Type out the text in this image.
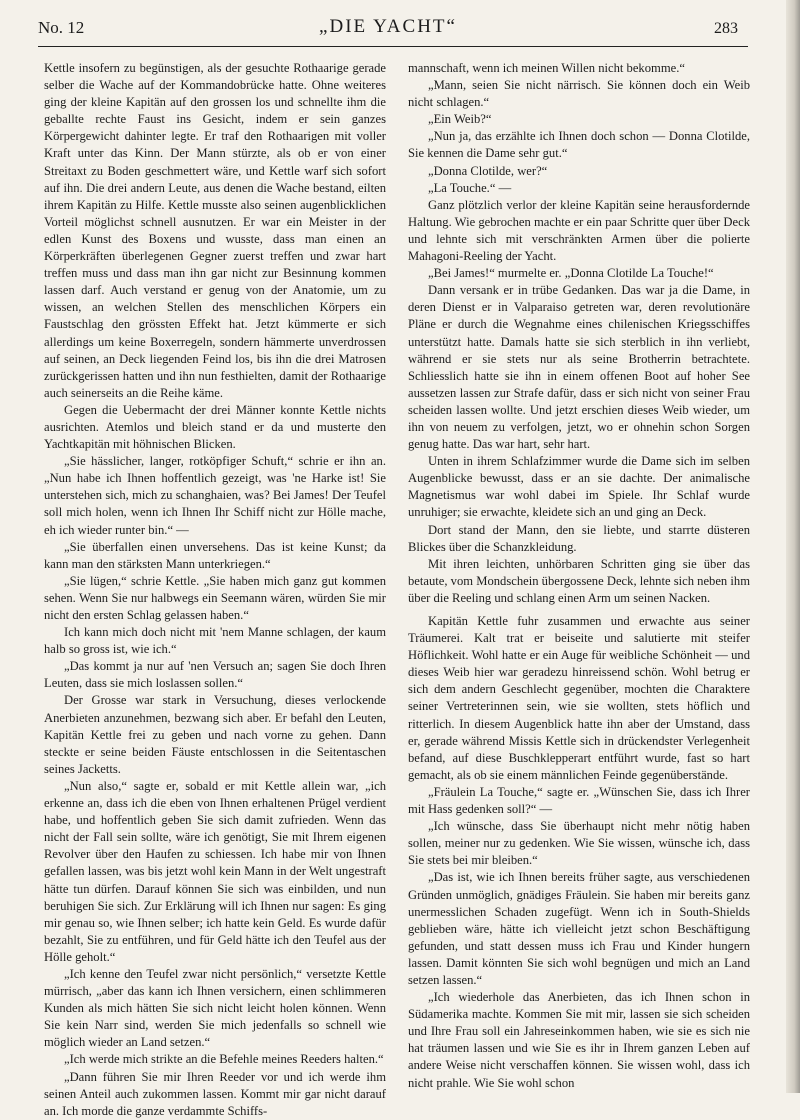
No. 12	„DIE YACHT“	283

Kettle insofern zu begünstigen, als der gesuchte Rothaarige gerade selber die Wache auf der Kommandobrücke hatte. Ohne weiteres ging der kleine Kapitän auf den grossen los und schnellte ihm die geballte rechte Faust ins Gesicht, indem er sein ganzes Körpergewicht dahinter legte. Er traf den Rothaarigen mit voller Kraft unter das Kinn. Der Mann stürzte, als ob er von einer Streitaxt zu Boden geschmettert wäre, und Kettle warf sich sofort auf ihn. Die drei andern Leute, aus denen die Wache bestand, eilten ihrem Kapitän zu Hilfe. Kettle musste also seinen augenblicklichen Vorteil möglichst schnell ausnutzen. Er war ein Meister in der edlen Kunst des Boxens und wusste, dass man einen an Körperkräften überlegenen Gegner zuerst treffen und zwar hart treffen muss und dass man ihn gar nicht zur Besinnung kommen lassen darf. Auch verstand er genug von der Anatomie, um zu wissen, an welchen Stellen des menschlichen Körpers ein Faustschlag den grössten Effekt hat. Jetzt kümmerte er sich allerdings um keine Boxerregeln, sondern hämmerte unverdrossen auf seinen, an Deck liegenden Feind los, bis ihn die drei Matrosen zurückgerissen hatten und ihn nun festhielten, damit der Rothaarige auch seinerseits an die Reihe käme.

Gegen die Uebermacht der drei Männer konnte Kettle nichts ausrichten. Atemlos und bleich stand er da und musterte den Yachtkapitän mit höhnischen Blicken.

„Sie hässlicher, langer, rotköpfiger Schuft,“ schrie er ihn an. „Nun habe ich Ihnen hoffentlich gezeigt, was 'ne Harke ist! Sie unterstehen sich, mich zu schanghaien, was? Bei James! Der Teufel soll mich holen, wenn ich Ihnen Ihr Schiff nicht zur Hölle mache, eh ich wieder runter bin.“ —

„Sie überfallen einen unversehens. Das ist keine Kunst; da kann man den stärksten Mann unterkriegen.“

„Sie lügen,“ schrie Kettle. „Sie haben mich ganz gut kommen sehen. Wenn Sie nur halbwegs ein Seemann wären, würden Sie mir nicht den ersten Schlag gelassen haben.“

Ich kann mich doch nicht mit 'nem Manne schlagen, der kaum halb so gross ist, wie ich.“

„Das kommt ja nur auf 'nen Versuch an; sagen Sie doch Ihren Leuten, dass sie mich loslassen sollen.“

Der Grosse war stark in Versuchung, dieses verlockende Anerbieten anzunehmen, bezwang sich aber. Er befahl den Leuten, Kapitän Kettle frei zu geben und nach vorne zu gehen. Dann steckte er seine beiden Fäuste entschlossen in die Seitentaschen seines Jacketts.

„Nun also,“ sagte er, sobald er mit Kettle allein war, „ich erkenne an, dass ich die eben von Ihnen erhaltenen Prügel verdient habe, und hoffentlich geben Sie sich damit zufrieden. Wenn das nicht der Fall sein sollte, wäre ich genötigt, Sie mit Ihrem eigenen Revolver über den Haufen zu schiessen. Ich habe mir von Ihnen gefallen lassen, was bis jetzt wohl kein Mann in der Welt ungestraft hätte tun dürfen. Darauf können Sie sich was einbilden, und nun beruhigen Sie sich. Zur Erklärung will ich Ihnen nur sagen: Es ging mir genau so, wie Ihnen selber; ich hatte kein Geld. Es wurde dafür bezahlt, Sie zu entführen, und für Geld hätte ich den Teufel aus der Hölle geholt.“

„Ich kenne den Teufel zwar nicht persönlich,“ versetzte Kettle mürrisch, „aber das kann ich Ihnen versichern, einen schlimmeren Kunden als mich hätten Sie sich nicht leicht holen können. Wenn Sie kein Narr sind, werden Sie mich jedenfalls so schnell wie möglich wieder an Land setzen.“

„Ich werde mich strikte an die Befehle meines Reeders halten.“

„Dann führen Sie mir Ihren Reeder vor und ich werde ihm seinen Anteil auch zukommen lassen. Kommt mir gar nicht darauf an. Ich morde die ganze verdammte Schiffs-

mannschaft, wenn ich meinen Willen nicht bekomme.“

„Mann, seien Sie nicht närrisch. Sie können doch ein Weib nicht schlagen.“

„Ein Weib?“

„Nun ja, das erzählte ich Ihnen doch schon — Donna Clotilde, Sie kennen die Dame sehr gut.“

„Donna Clotilde, wer?“

„La Touche.“ —

Ganz plötzlich verlor der kleine Kapitän seine herausfordernde Haltung. Wie gebrochen machte er ein paar Schritte quer über Deck und lehnte sich mit verschränkten Armen über die polierte Mahagoni-Reeling der Yacht.

„Bei James!“ murmelte er. „Donna Clotilde La Touche!“

Dann versank er in trübe Gedanken. Das war ja die Dame, in deren Dienst er in Valparaiso getreten war, deren revolutionäre Pläne er durch die Wegnahme eines chilenischen Kriegsschiffes unterstützt hatte. Damals hatte sie sich sterblich in ihn verliebt, während er sie stets nur als seine Brotherrin betrachtete. Schliesslich hatte sie ihn in einem offenen Boot auf hoher See aussetzen lassen zur Strafe dafür, dass er sich nicht von seiner Frau scheiden lassen wollte. Und jetzt erschien dieses Weib wieder, um ihn von neuem zu verfolgen, jetzt, wo er ohnehin schon Sorgen genug hatte. Das war hart, sehr hart.

Unten in ihrem Schlafzimmer wurde die Dame sich im selben Augenblicke bewusst, dass er an sie dachte. Der animalische Magnetismus war wohl dabei im Spiele. Ihr Schlaf wurde unruhiger; sie erwachte, kleidete sich an und ging an Deck.

Dort stand der Mann, den sie liebte, und starrte düsteren Blickes über die Schanzkleidung.

Mit ihren leichten, unhörbaren Schritten ging sie über das betaute, vom Mondschein übergossene Deck, lehnte sich neben ihm über die Reeling und schlang einen Arm um seinen Nacken.

Kapitän Kettle fuhr zusammen und erwachte aus seiner Träumerei. Kalt trat er beiseite und salutierte mit steifer Höflichkeit. Wohl hatte er ein Auge für weibliche Schönheit — und dieses Weib hier war geradezu hinreissend schön. Wohl betrug er sich dem andern Geschlecht gegenüber, mochten die Charaktere seiner Vertreterinnen sein, wie sie wollten, stets höflich und ritterlich. In diesem Augenblick hatte ihn aber der Umstand, dass er, gerade während Missis Kettle sich in drückendster Verlegenheit befand, auf diese Buschklepperart entführt wurde, fast so hart gemacht, als ob sie einem männlichen Feinde gegenüberstände.

„Fräulein La Touche,“ sagte er. „Wünschen Sie, dass ich Ihrer mit Hass gedenken soll?“ —

„Ich wünsche, dass Sie überhaupt nicht mehr nötig haben sollen, meiner nur zu gedenken. Wie Sie wissen, wünsche ich, dass Sie stets bei mir bleiben.“

„Das ist, wie ich Ihnen bereits früher sagte, aus verschiedenen Gründen unmöglich, gnädiges Fräulein. Sie haben mir bereits ganz unermesslichen Schaden zugefügt. Wenn ich in South-Shields geblieben wäre, hätte ich vielleicht jetzt schon Beschäftigung gefunden, und statt dessen muss ich Frau und Kinder hungern lassen. Damit könnten Sie sich wohl begnügen und mich an Land setzen lassen.“

„Ich wiederhole das Anerbieten, das ich Ihnen schon in Südamerika machte. Kommen Sie mit mir, lassen sie sich scheiden und Ihre Frau soll ein Jahreseinkommen haben, wie sie es sich nie hat träumen lassen und wie Sie es ihr in Ihrem ganzen Leben auf andere Weise nicht verschaffen können. Sie wissen wohl, dass ich nicht prahle. Wie Sie wohl schon
